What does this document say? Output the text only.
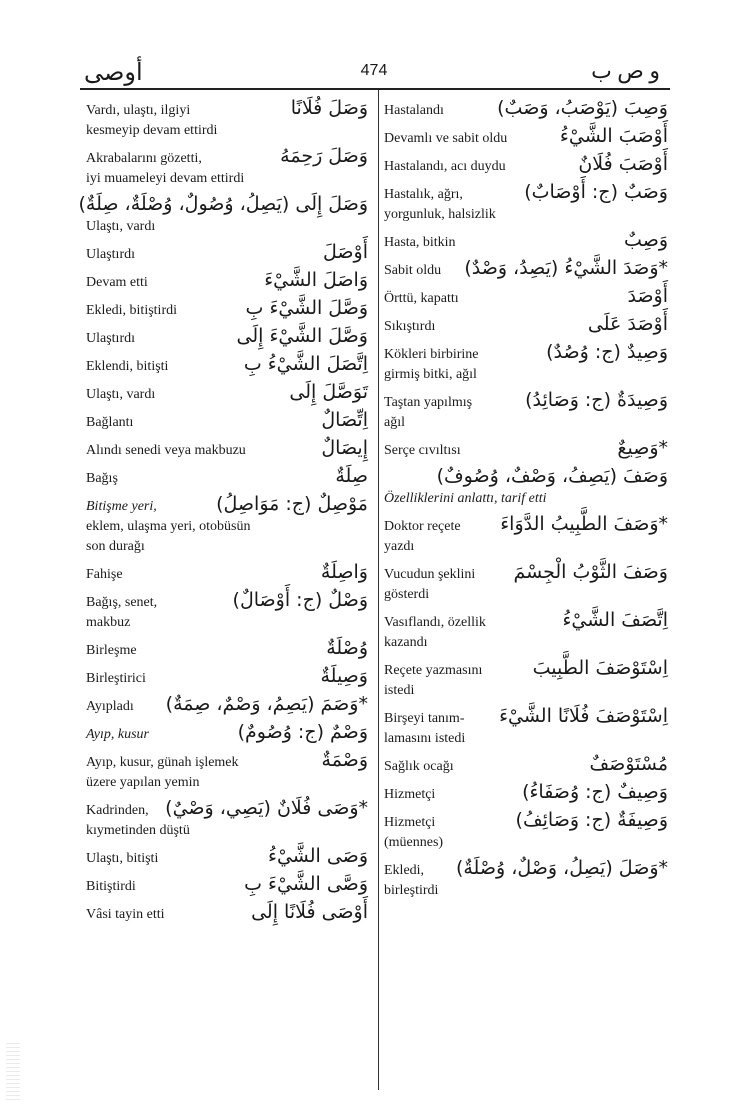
أوصى	474	و ص ب
Vardı, ulaştı, ilgiyi	وَصَلَ فُلَانًا
kesmeyip devam ettirdi
Akrabalarını gözetti,	وَصَلَ رَحِمَهُ
iyi muameleyi devam ettirdi
وَصَلَ إِلَى (يَصِلُ، وُصُولٌ، وُصْلَةٌ، صِلَةٌ)
Ulaştı, vardı
Ulaştırdı	أَوْصَلَ
Devam etti	وَاصَلَ الشَّيْءَ
Ekledi, bitiştirdi	وَصَّلَ الشَّيْءَ بِ
Ulaştırdı	وَصَّلَ الشَّيْءَ إِلَى
Eklendi, bitişti	اِتَّصَلَ الشَّيْءُ بِ
Ulaştı, vardı	تَوَصَّلَ إِلَى
Bağlantı	اِتِّصَالٌ
Alındı senedi veya makbuzu	إِيصَالٌ
Bağış	صِلَةٌ
Bitişme yeri,	مَوْصِلٌ (ج: مَوَاصِلُ)
eklem, ulaşma yeri, otobüsün
son durağı
Fahişe	وَاصِلَةٌ
Bağış, senet,	وَصْلٌ (ج: أَوْصَالٌ)
makbuz
Birleşme	وُصْلَةٌ
Birleştirici	وَصِيلَةٌ
Ayıpladı *وَصَمَ (يَصِمُ، وَصْمٌ، صِمَةٌ)
Ayıp, kusur	وَصْمٌ (ج: وُصُومٌ)
Ayıp, kusur, günah işlemek	وَصْمَةٌ
üzere yapılan yemin
Kadrinden, *وَصَى فُلَانٌ (يَصِي، وَصْيٌ)
kıymetinden düştü
Ulaştı, bitişti	وَصَى الشَّيْءُ
Bitiştirdi	وَصَّى الشَّيْءَ بِ
Vâsi tayin etti	أَوْصَى فُلَانًا إِلَى
Hastalandı	وَصِبَ (يَوْصَبُ، وَصَبٌ)
Devamlı ve sabit oldu	أَوْصَبَ الشَّيْءُ
Hastalandı, acı duydu	أَوْصَبَ فُلَانٌ
Hastalık, ağrı,	وَصَبٌ (ج: أَوْصَابٌ)
yorgunluk, halsizlik
Hasta, bitkin	وَصِبٌ
Sabit oldu *وَصَدَ الشَّيْءُ (يَصِدُ، وَصْدٌ)
Örttü, kapattı	أَوْصَدَ
Sıkıştırdı	أَوْصَدَ عَلَى
Kökleri birbirine	وَصِيدٌ (ج: وُصُدٌ)
girmiş bitki, ağıl
Taştan yapılmış	وَصِيدَةٌ (ج: وَصَائِدُ)
ağıl
Serçe cıvıltısı	*وَصِيعٌ
وَصَفَ (يَصِفُ، وَصْفٌ، وُصُوفٌ)
Özelliklerini anlattı, tarif etti
Doktor reçete *وَصَفَ الطَّبِيبُ الدَّوَاءَ
yazdı
Vucudun şeklini وَصَفَ الثَّوْبُ الْجِسْمَ
gösterdi
Vasıflandı, özellik	اِتَّصَفَ الشَّيْءُ
kazandı
Reçete yazmasını	اِسْتَوْصَفَ الطَّبِيبَ
istedi
Birşeyi tanım- اِسْتَوْصَفَ فُلَانًا الشَّيْءَ
lamasını istedi
Sağlık ocağı	مُسْتَوْصَفٌ
Hizmetçi	وَصِيفٌ (ج: وُصَفَاءُ)
Hizmetçi	وَصِيفَةٌ (ج: وَصَائِفُ)
(müennes)
Ekledi, *وَصَلَ (يَصِلُ، وَصْلٌ، وُصْلَةٌ)
birleştirdi
